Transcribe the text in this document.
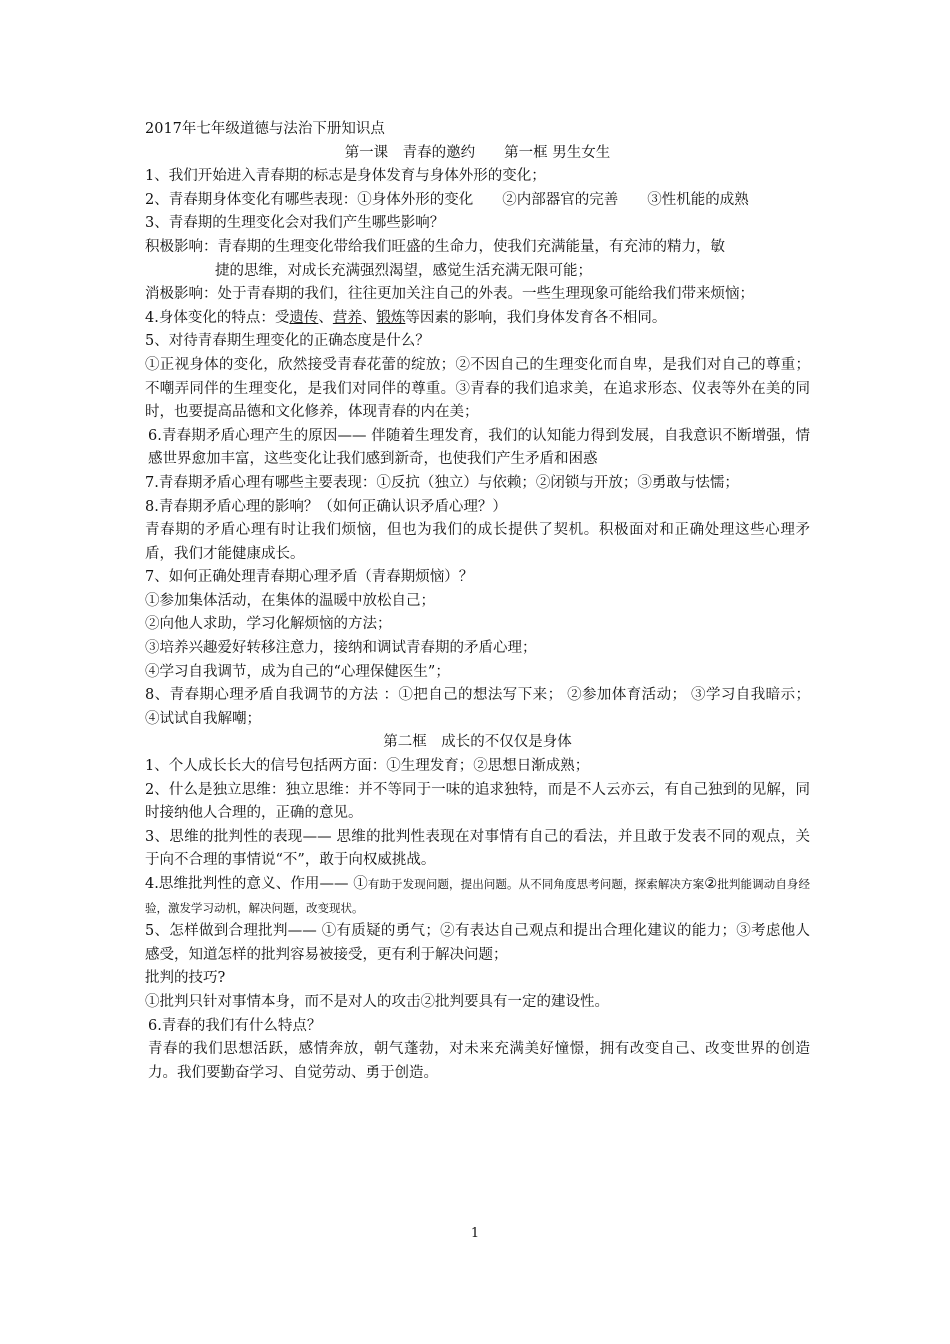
2017年七年级道德与法治下册知识点

第一课　青春的邀约　　第一框 男生女生

1、我们开始进入青春期的标志是身体发育与身体外形的变化；

2、青春期身体变化有哪些表现：①身体外形的变化　　②内部器官的完善　　③性机能的成熟

3、青春期的生理变化会对我们产生哪些影响？

积极影响：青春期的生理变化带给我们旺盛的生命力，使我们充满能量，有充沛的精力，敏

捷的思维，对成长充满强烈渴望，感觉生活充满无限可能；

消极影响：处于青春期的我们，往往更加关注自己的外表。一些生理现象可能给我们带来烦恼；

4.身体变化的特点：受遗传、营养、锻炼等因素的影响，我们身体发育各不相同。

5、对待青春期生理变化的正确态度是什么？

①正视身体的变化，欣然接受青春花蕾的绽放；②不因自己的生理变化而自卑，是我们对自己的尊重；不嘲弄同伴的生理变化，是我们对同伴的尊重。③青春的我们追求美，在追求形态、仪表等外在美的同时，也要提高品德和文化修养，体现青春的内在美；

6.青春期矛盾心理产生的原因—— 伴随着生理发育，我们的认知能力得到发展，自我意识不断增强，情感世界愈加丰富，这些变化让我们感到新奇，也使我们产生矛盾和困惑

7.青春期矛盾心理有哪些主要表现：①反抗（独立）与依赖；②闭锁与开放；③勇敢与怯懦；

8.青春期矛盾心理的影响？（如何正确认识矛盾心理？）

青春期的矛盾心理有时让我们烦恼，但也为我们的成长提供了契机。积极面对和正确处理这些心理矛盾，我们才能健康成长。

7、如何正确处理青春期心理矛盾（青春期烦恼）？

①参加集体活动，在集体的温暖中放松自己；

②向他人求助，学习化解烦恼的方法；

③培养兴趣爱好转移注意力，接纳和调试青春期的矛盾心理；

④学习自我调节，成为自己的“心理保健医生”；

8、青春期心理矛盾自我调节的方法 ：①把自己的想法写下来； ②参加体育活动； ③学习自我暗示； ④试试自我解嘲；

第二框　成长的不仅仅是身体

1、个人成长长大的信号包括两方面：①生理发育；②思想日渐成熟；

2、什么是独立思维：独立思维：并不等同于一味的追求独特，而是不人云亦云，有自己独到的见解，同时接纳他人合理的，正确的意见。

3、思维的批判性的表现—— 思维的批判性表现在对事情有自己的看法，并且敢于发表不同的观点，关于向不合理的事情说“不”，敢于向权威挑战。

4.思维批判性的意义、作用—— ①有助于发现问题，提出问题。从不同角度思考问题，探索解决方案②批判能调动自身经验，激发学习动机，解决问题，改变现状。

5、怎样做到合理批判—— ①有质疑的勇气；②有表达自己观点和提出合理化建议的能力；③考虑他人感受，知道怎样的批判容易被接受，更有利于解决问题；

批判的技巧?

①批判只针对事情本身，而不是对人的攻击②批判要具有一定的建设性。

6.青春的我们有什么特点？

青春的我们思想活跃，感情奔放，朝气蓬勃，对未来充满美好憧憬，拥有改变自己、改变世界的创造力。我们要勤奋学习、自觉劳动、勇于创造。

1
